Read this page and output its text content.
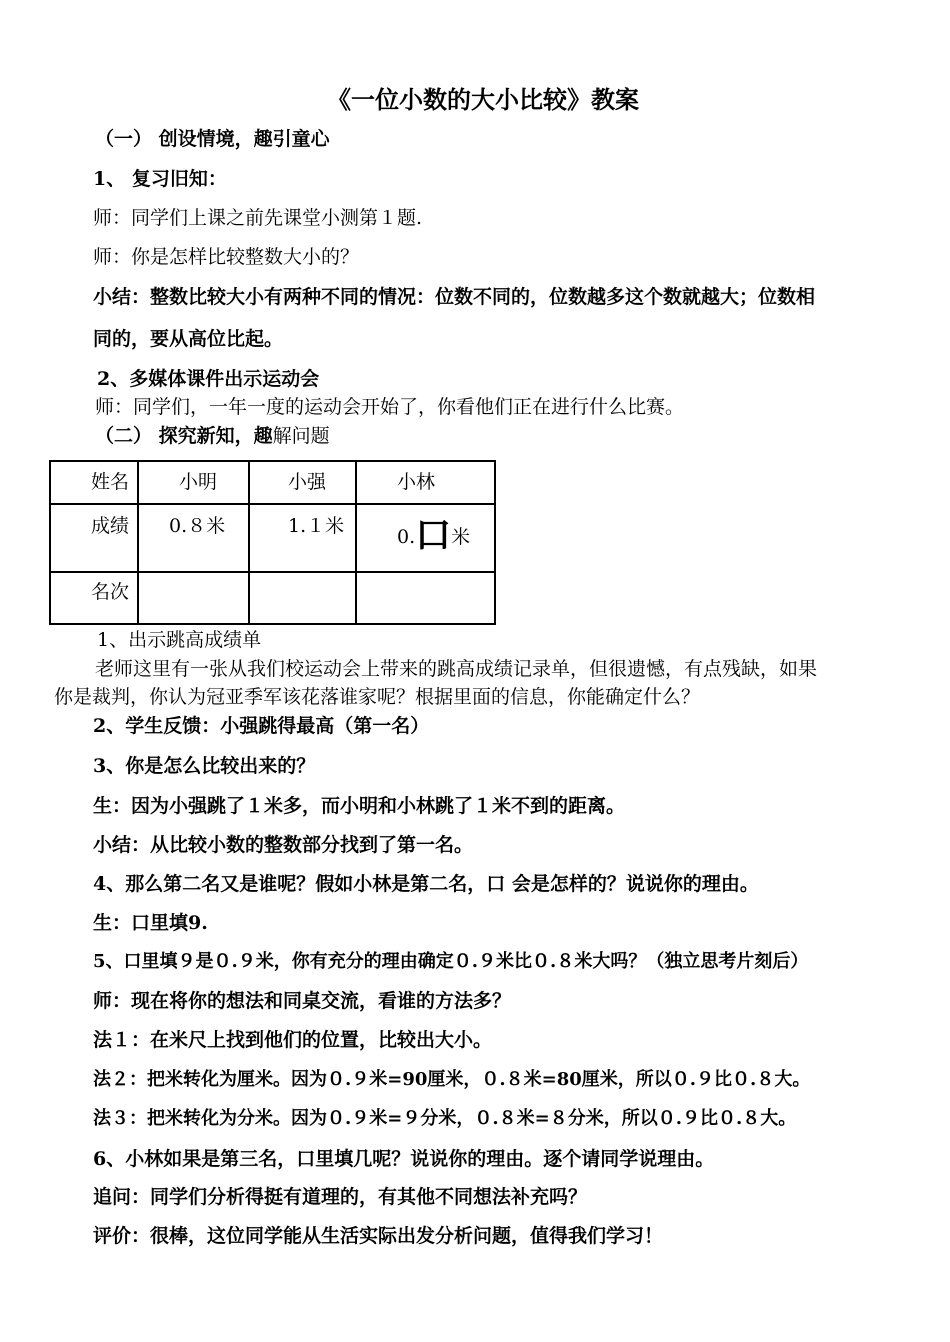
《一位小数的大小比较》教案
（一） 创设情境，趣引童心
1、 复习旧知：
师：同学们上课之前先课堂小测第１题.
师：你是怎样比较整数大小的？
小结：整数比较大小有两种不同的情况：位数不同的，位数越多这个数就越大；位数相
同的，要从高位比起。
2、多媒体课件出示运动会
师：同学们，一年一度的运动会开始了，你看他们正在进行什么比赛。
（二） 探究新知，趣解问题
姓名	小明	小强	小林

成绩	0.８米	1.１米	0.口米

名次			

1、出示跳高成绩单
老师这里有一张从我们校运动会上带来的跳高成绩记录单，但很遗憾，有点残缺，如果
你是裁判，你认为冠亚季军该花落谁家呢？根据里面的信息，你能确定什么？
2、学生反馈：小强跳得最高（第一名）
3、你是怎么比较出来的？
生：因为小强跳了１米多，而小明和小林跳了１米不到的距离。
小结：从比较小数的整数部分找到了第一名。
4、那么第二名又是谁呢？假如小林是第二名，口 会是怎样的？说说你的理由。
生：口里填9.
5、口里填９是０.９米，你有充分的理由确定０.９米比０.８米大吗？（独立思考片刻后）
师：现在将你的想法和同桌交流，看谁的方法多？
法１：在米尺上找到他们的位置，比较出大小。
法２：把米转化为厘米。因为０.９米=90厘米，０.８米=80厘米，所以０.９比０.８大。
法３：把米转化为分米。因为０.９米=９分米，０.８米=８分米，所以０.９比０.８大。
6、小林如果是第三名，口里填几呢？说说你的理由。逐个请同学说理由。
追问：同学们分析得挺有道理的，有其他不同想法补充吗？
评价：很棒，这位同学能从生活实际出发分析问题，值得我们学习！
